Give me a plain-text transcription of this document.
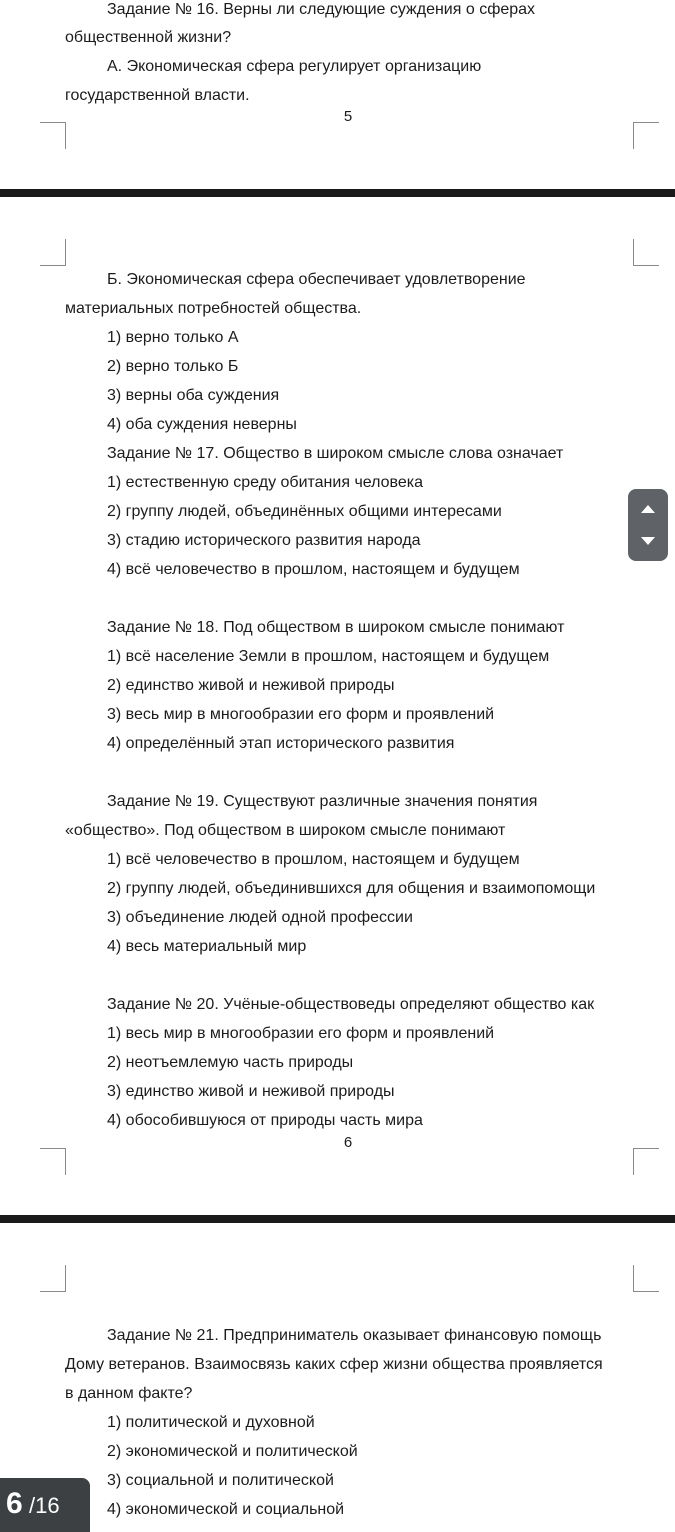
Задание № 16. Верны ли следующие суждения о сферах
общественной жизни?
А. Экономическая сфера регулирует организацию
государственной власти.
5
Б. Экономическая сфера обеспечивает удовлетворение
материальных потребностей общества.
1) верно только А
2) верно только Б
3) верны оба суждения
4) оба суждения неверны
Задание № 17. Общество в широком смысле слова означает
1) естественную среду обитания человека
2) группу людей, объединённых общими интересами
3) стадию исторического развития народа
4) всё человечество в прошлом, настоящем и будущем
Задание № 18. Под обществом в широком смысле понимают
1) всё население Земли в прошлом, настоящем и будущем
2) единство живой и неживой природы
3) весь мир в многообразии его форм и проявлений
4) определённый этап исторического развития
Задание № 19. Существуют различные значения понятия
«общество». Под обществом в широком смысле понимают
1) всё человечество в прошлом, настоящем и будущем
2) группу людей, объединившихся для общения и взаимопомощи
3) объединение людей одной профессии
4) весь материальный мир
Задание № 20. Учёные-обществоведы определяют общество как
1) весь мир в многообразии его форм и проявлений
2) неотъемлемую часть природы
3) единство живой и неживой природы
4) обособившуюся от природы часть мира
6
Задание № 21. Предприниматель оказывает финансовую помощь
Дому ветеранов. Взаимосвязь каких сфер жизни общества проявляется
в данном факте?
1) политической и духовной
2) экономической и политической
3) социальной и политической
4) экономической и социальной
6 /16
